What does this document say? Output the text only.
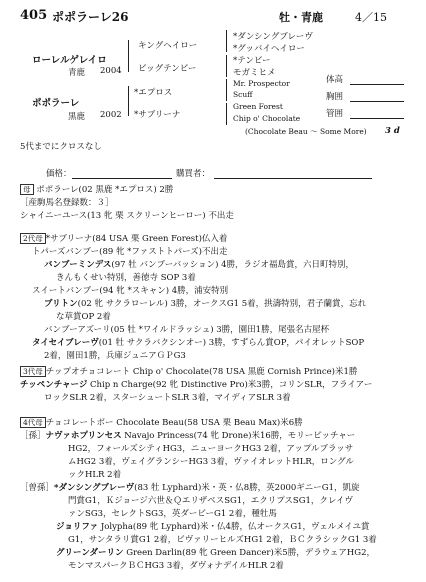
405 ポポラーレ26	牡・青鹿	4／15
ローレルゲレイロ
青鹿 2004
キングヘイロー
ビッグテンビー
*ダンシングブレーヴ
*グッバイヘイロー
*テンビー
モガミヒメ
ポポラーレ
黒鹿 2002
*エプロス
*サブリーナ
Mr. Prospector
Scuff
Green Forest
Chip o' Chocolate
(Chocolate Beau ～ Some More) 3 d
体高
胸囲
管囲
5代までにクロスなし
価格：	購買者：
母 ポポラーレ(02 黒鹿 *エプロス) 2勝
［産駒馬名登録数：３］
シャイニーユース(13 牝 栗 スクリーンヒーロー) 不出走
2代母 *サブリーナ(84 USA 栗 Green Forest)仏入着
トパーズバンブー(89 牝 *ファストトパーズ)不出走
バンブーミンデス(97 牡 バンブーバッション) 4勝，ラジオ福島賞，六日町特別，
きんもくせい特別，善徳寺 SOP 3着
スイートバンブー(94 牝 *スキャン) 4勝，浦安特別
ブリトン(02 牝 サクラローレル) 3勝，オークスG1 5着，拱濤特別，君子蘭賞，忘れ
な草賞OP 2着
バンブーアズーリ(05 牡 *ワイルドラッシュ) 3勝，園田1勝，尾張名古屋杯
タイセイブレーヴ(01 牡 サクラバクシンオー) 3勝，すずらん賞OP，パイオレットSOP
2着，園田1勝，兵庫ジュニアＧＰG3
3代母 チップオチョコレート Chip o' Chocolate(78 USA 黒鹿 Cornish Prince)米1勝
チッペンチャージ Chip n Charge(92 牝 Distinctive Pro)米3勝，コリンSLR，フライアー
ロックSLR 2着，スターシュートSLR 3着，マイディアSLR 3着
4代母 チョコレートボー Chocolate Beau(58 USA 栗 Beau Max)米6勝
［孫］ナヴァホプリンセス Navajo Princess(74 牝 Drone)米16勝，モリーピッチャー
HG2，フォールズシティHG3，ニューヨークHG3 2着，アップルブラッサ
ムHG2 3着，ヴェイグランシーHG3 3着，ヴァイオレットHLR，ロングル
ックHLR 2着
［曽孫］*ダンシングブレーヴ(83 牡 Lyphard)米・英・仏8勝，英2000ギニーG1，凱旋
門賞G1，Ｋジョージ六世＆ＱエリザベスSG1，エクリプスSG1，クレイヴ
ァンSG3，セレクトSG3，英ダービーG1 2着，種牡馬
ジョリファ Jolypha(89 牝 Lyphard)米・仏4勝，仏オークスG1，ヴェルメイユ賞
G1，サンタラリ賞G1 2着，ビヴァリーヒルズHG1 2着，ＢＣクラシックG1 3着
グリーンダーリン Green Darlin(89 牝 Green Dancer)米5勝，デラウェアHG2，
モンマスパークＢＣHG3 3着，ダヴォナデイルHLR 2着
